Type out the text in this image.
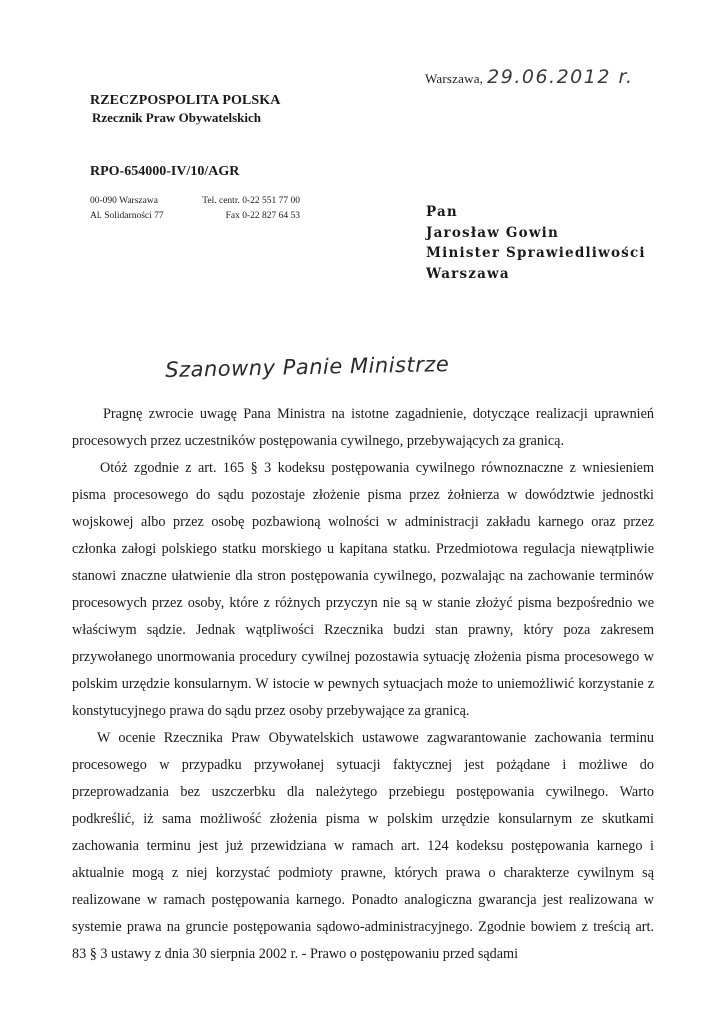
Warszawa, 29.06.2012 r.
RZECZPOSPOLITA POLSKA
Rzecznik Praw Obywatelskich
RPO-654000-IV/10/AGR
00-090 Warszawa	Tel. centr. 0-22 551 77 00
Al. Solidarności 77	Fax 0-22 827 64 53	Pan
Jarosław Gowin
Minister Sprawiedliwości
Warszawa
Szanowny Panie Ministrze

Pragnę zwrocie uwagę Pana Ministra na istotne zagadnienie, dotyczące realizacji uprawnień procesowych przez uczestników postępowania cywilnego, przebywających za granicą.

Otóż zgodnie z art. 165 § 3 kodeksu postępowania cywilnego równoznaczne z wniesieniem pisma procesowego do sądu pozostaje złożenie pisma przez żołnierza w dowództwie jednostki wojskowej albo przez osobę pozbawioną wolności w administracji zakładu karnego oraz przez członka załogi polskiego statku morskiego u kapitana statku. Przedmiotowa regulacja niewątpliwie stanowi znaczne ułatwienie dla stron postępowania cywilnego, pozwalając na zachowanie terminów procesowych przez osoby, które z różnych przyczyn nie są w stanie złożyć pisma bezpośrednio we właściwym sądzie. Jednak wątpliwości Rzecznika budzi stan prawny, który poza zakresem przywołanego unormowania procedury cywilnej pozostawia sytuację złożenia pisma procesowego w polskim urzędzie konsularnym. W istocie w pewnych sytuacjach może to uniemożliwić korzystanie z konstytucyjnego prawa do sądu przez osoby przebywające za granicą.

W ocenie Rzecznika Praw Obywatelskich ustawowe zagwarantowanie zachowania terminu procesowego w przypadku przywołanej sytuacji faktycznej jest pożądane i możliwe do przeprowadzania bez uszczerbku dla należytego przebiegu postępowania cywilnego. Warto podkreślić, iż sama możliwość złożenia pisma w polskim urzędzie konsularnym ze skutkami zachowania terminu jest już przewidziana w ramach art. 124 kodeksu postępowania karnego i aktualnie mogą z niej korzystać podmioty prawne, których prawa o charakterze cywilnym są realizowane w ramach postępowania karnego. Ponadto analogiczna gwarancja jest realizowana w systemie prawa na gruncie postępowania sądowo-administracyjnego. Zgodnie bowiem z treścią art. 83 § 3 ustawy z dnia 30 sierpnia 2002 r. - Prawo o postępowaniu przed sądami
